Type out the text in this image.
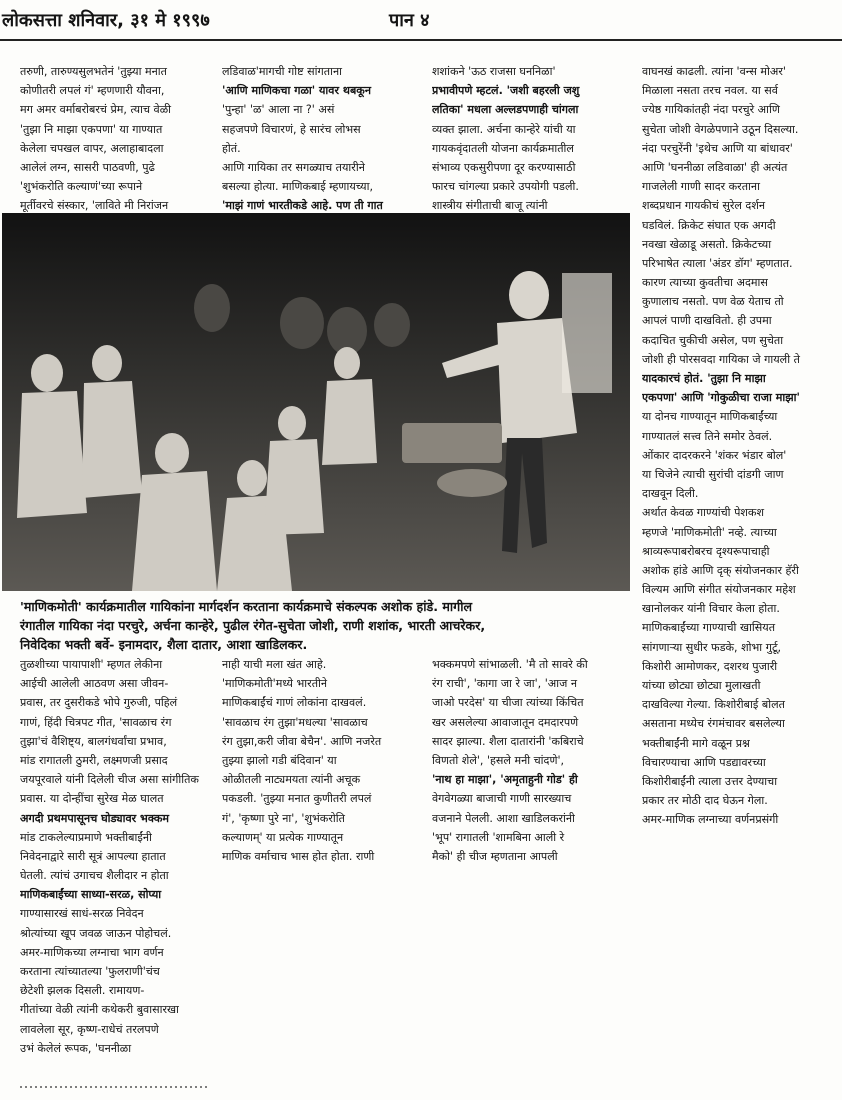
लोकसत्ता शनिवार, ३१ मे १९९७	पान ४
तरुणी, तारुण्यसुलभतेनं 'तुझ्या मनात
कोणीतरी लपलं गं' म्हणणारी यौवना,
मग अमर वर्माबरोबरचं प्रेम, त्याच वेळी
'तुझा नि माझा एकपणा' या गाण्यात
केलेला चपखल वापर, अलाहाबादला
आलेलं लग्न, सासरी पाठवणी, पुढे
'शुभंकरोति कल्याणं'च्या रूपाने
मूर्तीवरचे संस्कार, 'लाविते मी निरांजन
लडिवाळ'मागची गोष्ट सांगताना
'आणि माणिकचा गळा' यावर थबकून
'पुन्हा' 'ळ' आला ना ?' असं
सहजपणे विचारणं, हे सारंच लोभस
होतं.
आणि गायिका तर सगळ्याच तयारीने
बसल्या होत्या. माणिकबाई म्हणायच्या,
'माझं गाणं भारतीकडे आहे. पण ती गात
शशांकने 'ऊठ राजसा घननिळा'
प्रभावीपणे म्हटलं. 'जशी बहरली जशु
लतिका' मधला अल्लडपणाही चांगला
व्यक्त झाला. अर्चना कान्हेरे यांची या
गायकवृंदातली योजना कार्यक्रमातील
संभाव्य एकसुरीपणा दूर करण्यासाठी
फारच चांगल्या प्रकारे उपयोगी पडली.
शास्त्रीय संगीताची बाजू त्यांनी
वाघनखं काढली. त्यांना 'वन्स मोअर'
मिळाला नसता तरच नवल. या सर्व
ज्येष्ठ गायिकांतही नंदा परचुरे आणि
सुचेता जोशी वेगळेपणाने उठून दिसल्या.
नंदा परचुरेंनी 'इथेच आणि या बांधावर'
आणि 'घननीळा लडिवाळा' ही अत्यंत
गाजलेली गाणी सादर करताना
शब्दप्रधान गायकीचं सुरेल दर्शन
घडविलं. क्रिकेट संघात एक अगदी
नवखा खेळाडू असतो. क्रिकेटच्या
परिभाषेत त्याला 'अंडर डॉग' म्हणतात.
कारण त्याच्या कुवतीचा अदमास
कुणालाच नसतो. पण वेळ येताच तो
आपलं पाणी दाखवितो. ही उपमा
कदाचित चुकीची असेल, पण सुचेता
जोशी ही पोरसवदा गायिका जे गायली ते
यादकारचं होतं. 'तुझा नि माझा
एकपणा' आणि 'गोकुळीचा राजा माझा'
या दोनच गाण्यातून माणिकबाईंच्या
गाण्यातलं सत्त्व तिने समोर ठेवलं.
ओंकार दादरकरने 'शंकर भंडार बोल'
या चिजेने त्याची सुरांची दांडगी जाण
दाखवून दिली.
अर्थात केवळ गाण्यांची पेशकश
म्हणजे 'माणिकमोती' नव्हे. त्याच्या
श्राव्यरूपाबरोबरच दृश्यरूपाचाही
अशोक हांडे आणि दृक् संयोजनकार हॅरी
विल्यम आणि संगीत संयोजनकार महेश
खानोलकर यांनी विचार केला होता.
माणिकबाईंच्या गाण्याची खासियत
सांगणाऱ्या सुधीर फडके, शोभा गुर्टू,
किशोरी आमोणकर, दशरथ पुजारी
यांच्या छोट्या छोट्या मुलाखती
दाखविल्या गेल्या. किशोरीबाई बोलत
असताना मध्येच रंगमंचावर बसलेल्या
भक्तीबाईंनी मागे वळून प्रश्न
विचारण्याचा आणि पडद्यावरच्या
किशोरीबाईंनी त्याला उत्तर देण्याचा
प्रकार तर मोठी दाद घेऊन गेला.
अमर-माणिक लग्नाच्या वर्णनप्रसंगी
'माणिकमोती' कार्यक्रमातील गायिकांना मार्गदर्शन करताना कार्यक्रमाचे संकल्पक अशोक हांडे. मागील
रंगातील गायिका नंदा परचुरे, अर्चना कान्हेरे, पुढील रंगेत-सुचेता जोशी, राणी शशांक, भारती आचरेकर,
निवेदिका भक्ती बर्वे- इनामदार, शैला दातार, आशा खाडिलकर.
तुळशीच्या पायापाशी' म्हणत लेकीना
आईची आलेली आठवण असा जीवन-
प्रवास, तर दुसरीकडे भोपे गुरुजी, पहिलं
गाणं, हिंदी चित्रपट गीत, 'सावळाच रंग
तुझा'चं वैशिष्ट्य, बालगंधर्वांचा प्रभाव,
मांड रागातली ठुमरी, लक्ष्मणजी प्रसाद
जयपूरवाले यांनी दिलेली चीज असा सांगीतिक
प्रवास. या दोन्हींचा सुरेख मेळ घालत
अगदी प्रथमपासूनच घोड्यावर भक्कम
मांड टाकलेल्याप्रमाणे भक्तीबाईंनी
निवेदनाद्वारे सारी सूत्रं आपल्या हातात
घेतली. त्यांचं उगाचच शैलीदार न होता
माणिकबाईंच्या साध्या-सरळ, सोप्या
गाण्यासारखं साधं-सरळ निवेदन
श्रोत्यांच्या खूप जवळ जाऊन पोहोचलं.
अमर-माणिकच्या लग्नाचा भाग वर्णन
करताना त्यांच्यातल्या 'फुलराणी'चंच
छेटेशी झलक दिसली. रामायण-
गीतांच्या वेळी त्यांनी कथेकरी बुवासारखा
लावलेला सूर, कृष्ण-राधेचं तरलपणे
उभं केलेलं रूपक, 'घननीळा
नाही याची मला खंत आहे.
'माणिकमोती'मध्ये भारतीने
माणिकबाईंचं गाणं लोकांना दाखवलं.
'सावळाच रंग तुझा'मधल्या 'सावळाच
रंग तुझा,करी जीवा बेचैन'. आणि नजरेत
तुझ्या झालो गडी बंदिवान' या
ओळीतली नाट्यमयता त्यांनी अचूक
पकडली. 'तुझ्या मनात कुणीतरी लपलं
गं', 'कृष्णा पुरे ना', 'शुभंकरोति
कल्याणम्' या प्रत्येक गाण्यातून
माणिक वर्माचाच भास होत होता. राणी
भक्कमपणे सांभाळली. 'मै तो सावरे की
रंग राची', 'कागा जा रे जा', 'आज न
जाओ परदेस' या चीजा त्यांच्या किंचित
खर असलेल्या आवाजातून दमदारपणे
सादर झाल्या. शैला दातारांनी 'कबिराचे
विणतो शेले', 'हसले मनी चांदणे',
'नाथ हा माझा', 'अमृताहुनी गोड' ही
वेगवेगळ्या बाजाची गाणी सारख्याच
वजनाने पेलली. आशा खाडिलकरांनी
'भूप' रागातली 'शामबिना आली रे
मैको' ही चीज म्हणताना आपली
